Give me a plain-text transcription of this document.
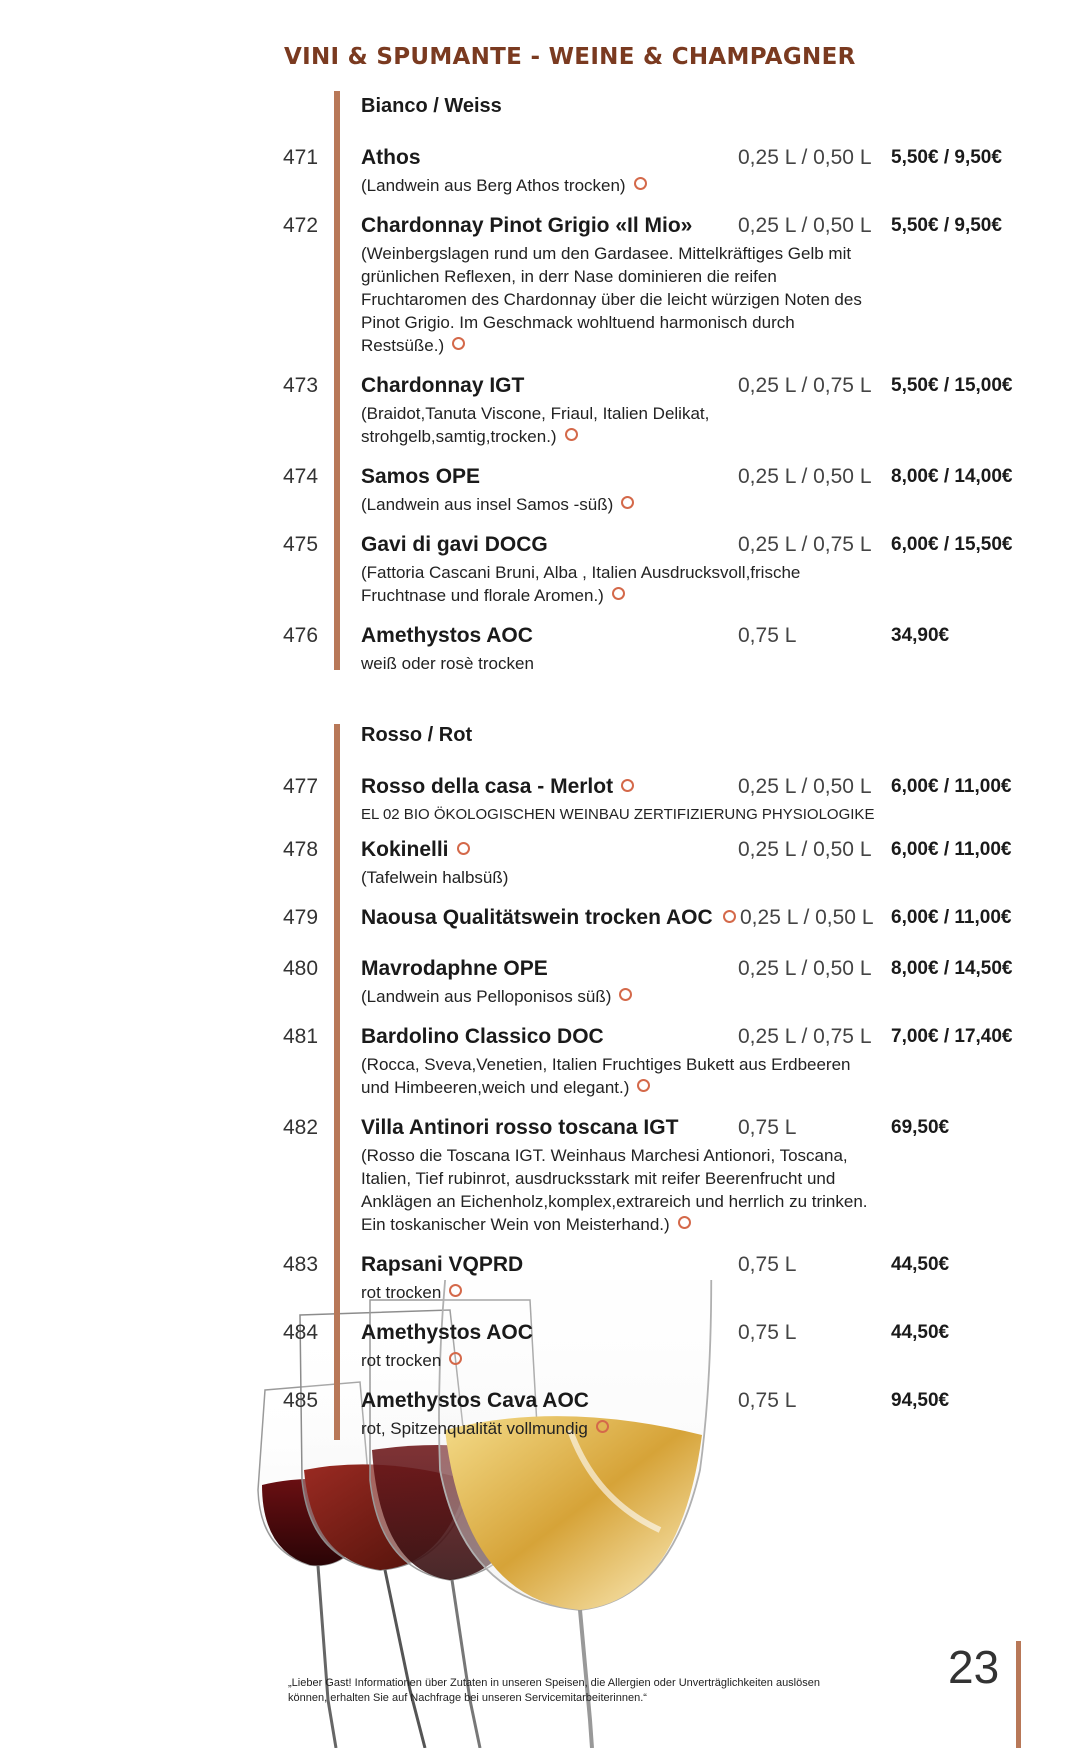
VINI & SPUMANTE - WEINE & CHAMPAGNER
Bianco / Weiss
471 Athos	0,25 L / 0,50 L 5,50€ / 9,50€
(Landwein aus Berg Athos trocken)
472 Chardonnay Pinot Grigio «Il Mio» 0,25 L / 0,50 L 5,50€ / 9,50€
(Weinbergslagen rund um den Gardasee. Mittelkräftiges Gelb mit grünlichen Reflexen, in derr Nase dominieren die reifen Fruchtaromen des Chardonnay über die leicht würzigen Noten des Pinot Grigio. Im Geschmack wohltuend harmonisch durch Restsüße.)
473 Chardonnay IGT	0,25 L / 0,75 L 5,50€ / 15,00€
(Braidot,Tanuta Viscone, Friaul, Italien Delikat, strohgelb,samtig,trocken.)
474 Samos OPE	0,25 L / 0,50 L 8,00€ / 14,00€
(Landwein aus insel Samos -süß)
475 Gavi di gavi DOCG	0,25 L / 0,75 L 6,00€ / 15,50€
(Fattoria Cascani Bruni, Alba , Italien Ausdrucksvoll,frische Fruchtnase und florale Aromen.)
476 Amethystos AOC	0,75 L	34,90€
weiß oder rosè trocken
Rosso / Rot
477 Rosso della casa - Merlot	0,25 L / 0,50 L 6,00€ / 11,00€
EL 02 BIO ÖKOLOGISCHEN WEINBAU ZERTIFIZIERUNG PHYSIOLOGIKE
478 Kokinelli	0,25 L / 0,50 L 6,00€ / 11,00€
(Tafelwein halbsüß)
479 Naousa Qualitätswein trocken AOC	0,25 L / 0,50 L 6,00€ / 11,00€
480 Mavrodaphne OPE	0,25 L / 0,50 L 8,00€ / 14,50€
(Landwein aus Pelloponisos süß)
481 Bardolino Classico DOC	0,25 L / 0,75 L 7,00€ / 17,40€
(Rocca, Sveva,Venetien, Italien Fruchtiges Bukett aus Erdbeeren und Himbeeren,weich und elegant.)
482 Villa Antinori rosso toscana IGT	0,75 L	69,50€
(Rosso die Toscana IGT. Weinhaus Marchesi Antionori, Toscana, Italien, Tief rubinrot, ausdrucksstark mit reifer Beerenfrucht und Anklägen an Eichenholz,komplex,extrareich und herrlich zu trinken. Ein toskanischer Wein von Meisterhand.)
483 Rapsani VQPRD	0,75 L	44,50€
rot trocken
484 Amethystos AOC	0,75 L	44,50€
rot trocken
485 Amethystos Cava AOC	0,75 L	94,50€
rot, Spitzenqualität vollmundig
„Lieber Gast! Informationen über Zutaten in unseren Speisen, die Allergien oder Unverträglichkeiten auslösen können, erhalten Sie auf Nachfrage bei unseren Servicemitarbeiterinnen.“
23
